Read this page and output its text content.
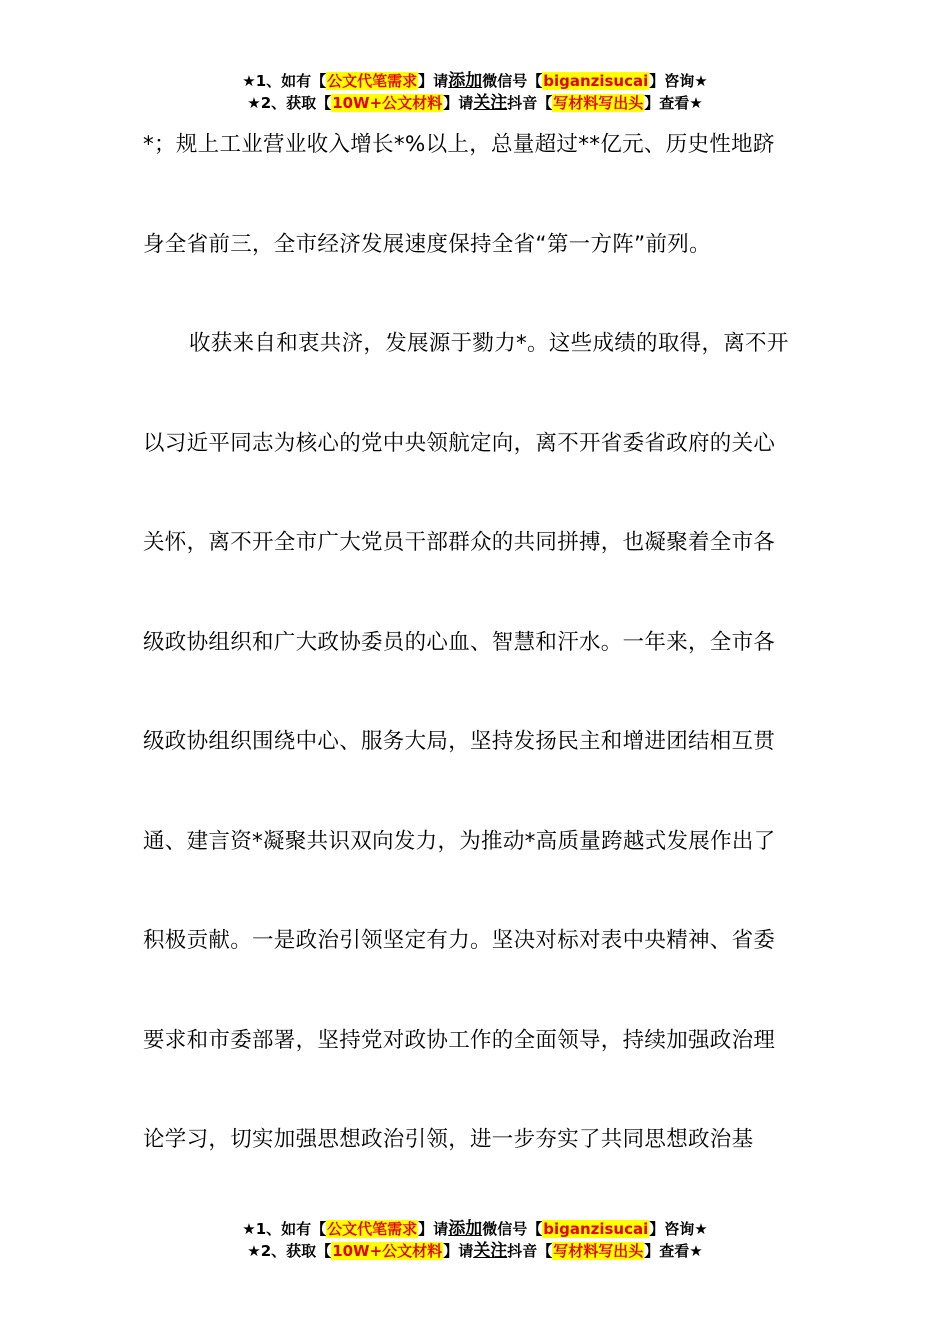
★1、如有【公文代笔需求】请添加微信号【biganzisucai】咨询★
★2、获取【10W+公文材料】请关注抖音【写材料写出头】查看★
*；规上工业营业收入增长*%以上，总量超过**亿元、历史性地跻
身全省前三，全市经济发展速度保持全省“第一方阵”前列。
收获来自和衷共济，发展源于勠力*。这些成绩的取得，离不开
以习近平同志为核心的党中央领航定向，离不开省委省政府的关心
关怀，离不开全市广大党员干部群众的共同拼搏，也凝聚着全市各
级政协组织和广大政协委员的心血、智慧和汗水。一年来，全市各
级政协组织围绕中心、服务大局，坚持发扬民主和增进团结相互贯
通、建言资*凝聚共识双向发力，为推动*高质量跨越式发展作出了
积极贡献。一是政治引领坚定有力。坚决对标对表中央精神、省委
要求和市委部署，坚持党对政协工作的全面领导，持续加强政治理
论学习，切实加强思想政治引领，进一步夯实了共同思想政治基
★1、如有【公文代笔需求】请添加微信号【biganzisucai】咨询★
★2、获取【10W+公文材料】请关注抖音【写材料写出头】查看★
